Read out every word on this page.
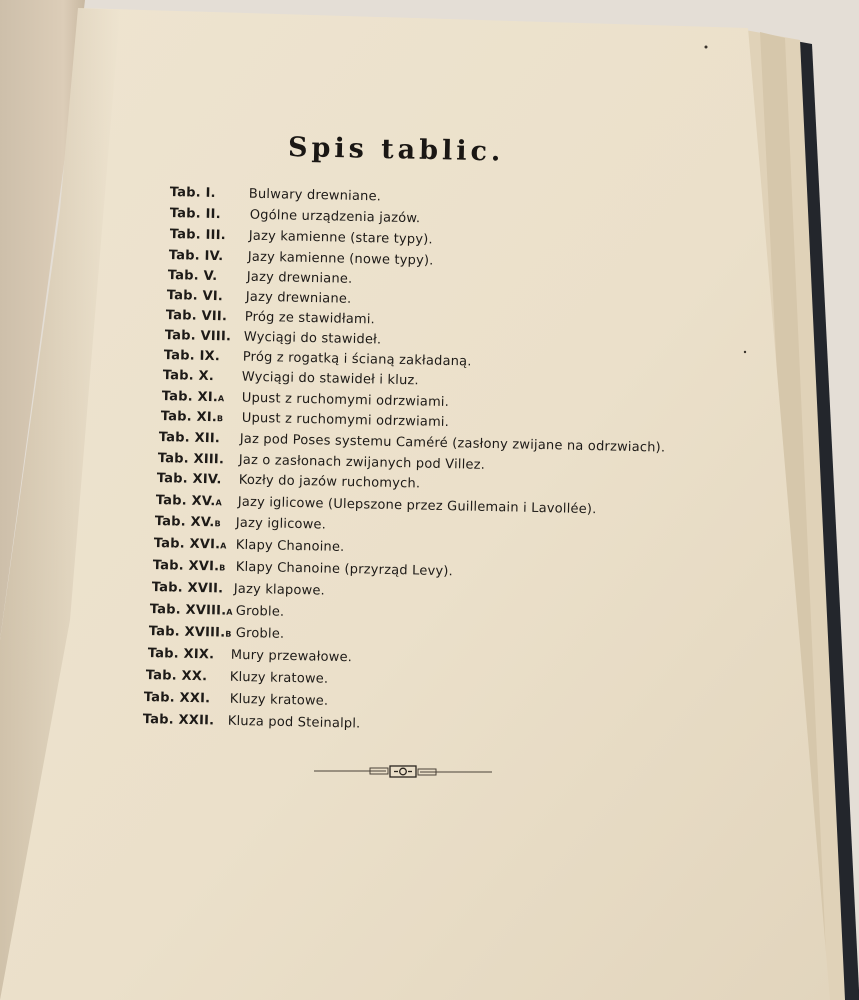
Spis tablic.
Tab. I.	Bulwary drewniane.
Tab. II. Ogólne urządzenia jazów.
Tab. III. Jazy kamienne (stare typy).
Tab. IV. Jazy kamienne (nowe typy).
Tab. V. Jazy drewniane.
Tab. VI. Jazy drewniane.
Tab. VII. Próg ze stawidłami.
Tab. VIII. Wyciągi do stawideł.
Tab. IX. Próg z rogatką i ścianą zakładaną.
Tab. X. Wyciągi do stawideł i kluz.
Tab. XI.A Upust z ruchomymi odrzwiami.
Tab. XI.B Upust z ruchomymi odrzwiami.
Tab. XII. Jaz pod Poses systemu Caméré (zasłony zwijane na odrzwiach).
Tab. XIII. Jaz o zasłonach zwijanych pod Villez.
Tab. XIV. Kozły do jazów ruchomych.
Tab. XV.A Jazy iglicowe (Ulepszone przez Guillemain i Lavollée).
Tab. XV.B Jazy iglicowe.
Tab. XVI.A Klapy Chanoine.
Tab. XVI.B Klapy Chanoine (przyrząd Levy).
Tab. XVII. Jazy klapowe.
Tab. XVIII.A Groble.
Tab. XVIII.B Groble.
Tab. XIX. Mury przewałowe.
Tab. XX. Kluzy kratowe.
Tab. XXI. Kluzy kratowe.
Tab. XXII. Kluza pod Steinalpl.
